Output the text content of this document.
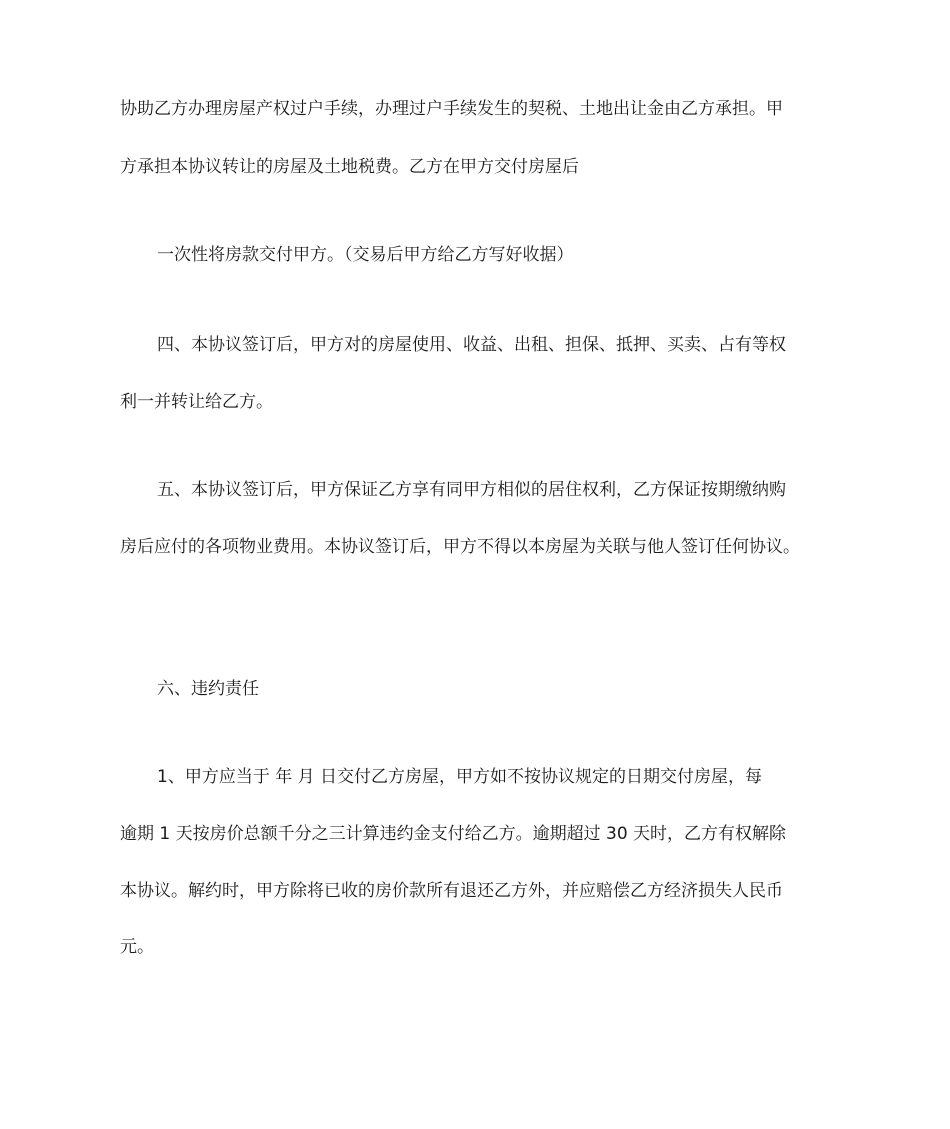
协助乙方办理房屋产权过户手续，办理过户手续发生的契税、土地出让金由乙方承担。甲
方承担本协议转让的房屋及土地税费。乙方在甲方交付房屋后
一次性将房款交付甲方。（交易后甲方给乙方写好收据）
四、本协议签订后，甲方对的房屋使用、收益、出租、担保、抵押、买卖、占有等权
利一并转让给乙方。
五、本协议签订后，甲方保证乙方享有同甲方相似的居住权利，乙方保证按期缴纳购
房后应付的各项物业费用。本协议签订后，甲方不得以本房屋为关联与他人签订任何协议。
六、违约责任
1、甲方应当于 年 月 日交付乙方房屋，甲方如不按协议规定的日期交付房屋，每
逾期 1 天按房价总额千分之三计算违约金支付给乙方。逾期超过 30 天时，乙方有权解除
本协议。解约时，甲方除将已收的房价款所有退还乙方外，并应赔偿乙方经济损失人民币
元。
